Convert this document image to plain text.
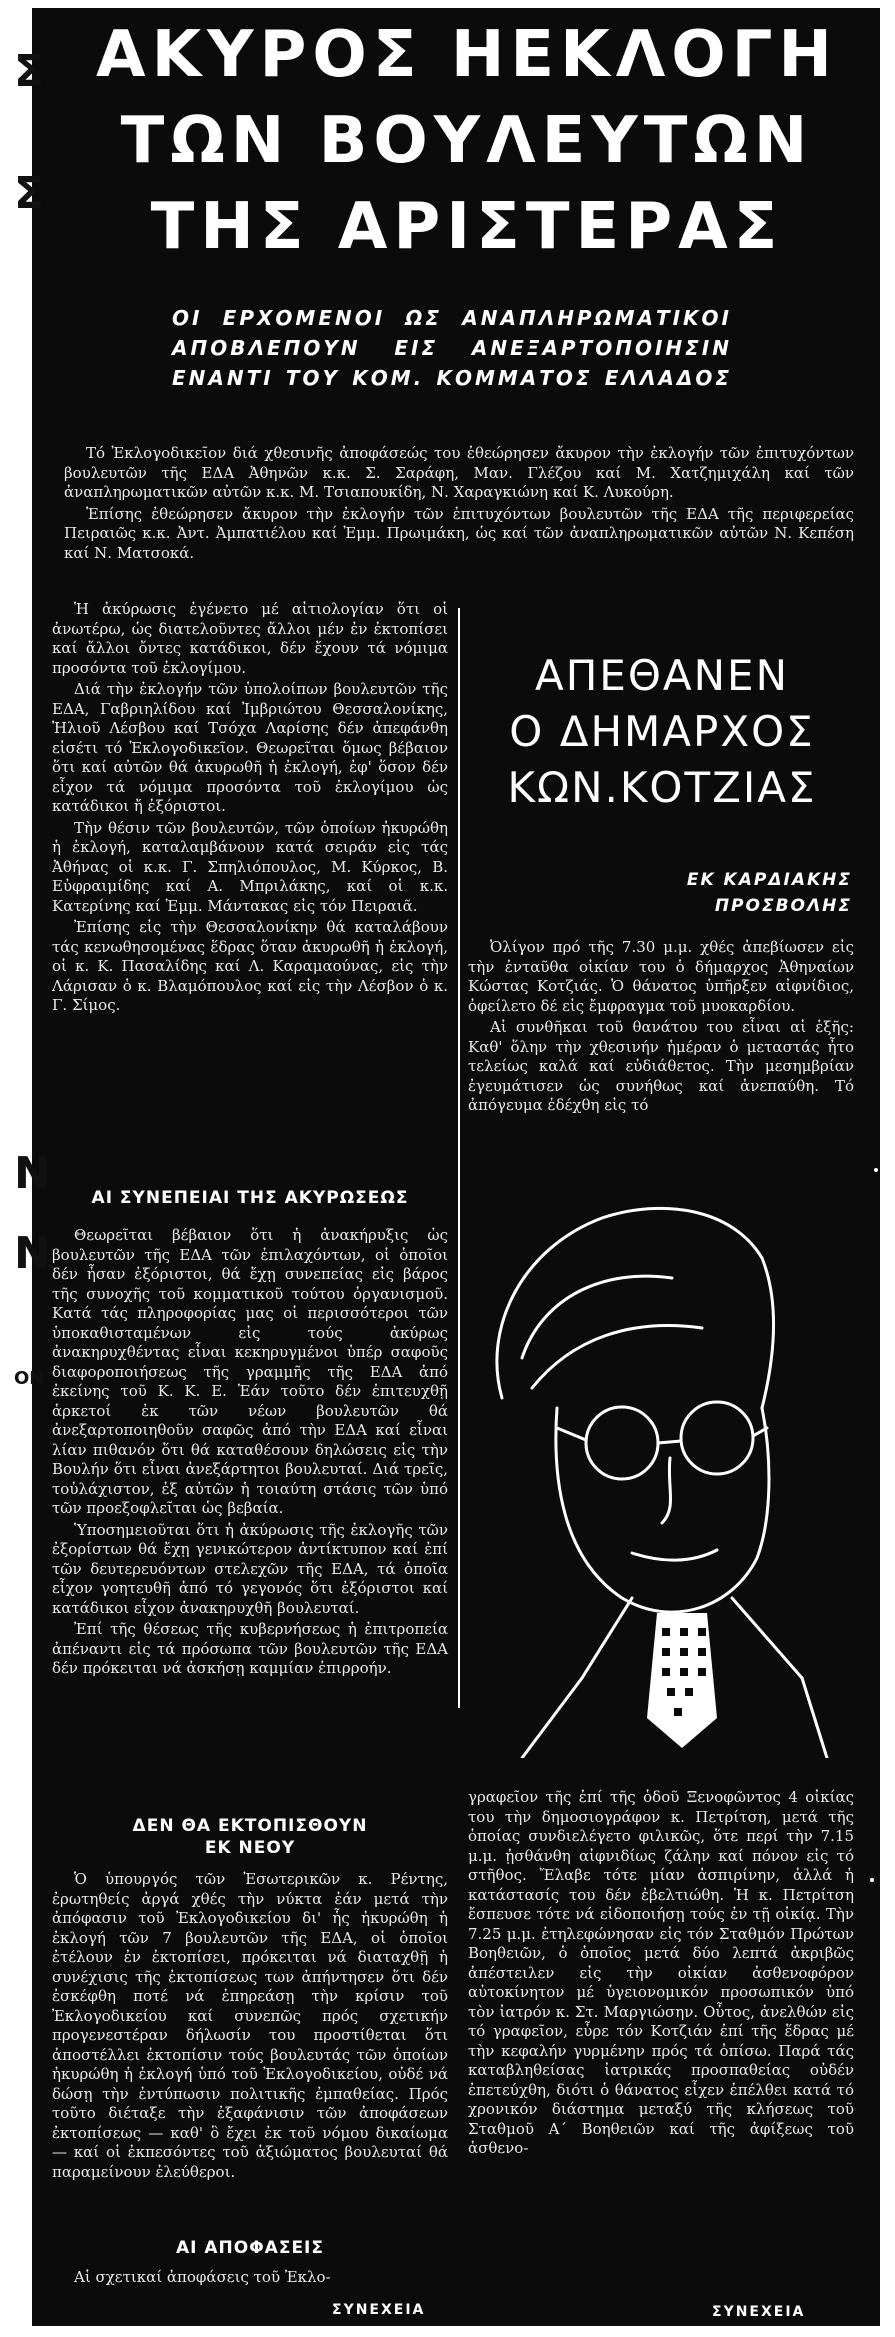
Σ
Σ
Ν
Ν
ΟΝ
ΑΚΥΡΟΣ ΗΕΚΛΟΓΗ
ΤΩΝ ΒΟΥΛΕΥΤΩΝ
ΤΗΣ ΑΡΙΣΤΕΡΑΣ
ΟΙ ΕΡΧΟΜΕΝΟΙ ΩΣ ΑΝΑΠΛΗΡΩΜΑΤΙΚΟΙ
ΑΠΟΒΛΕΠΟΥΝ ΕΙΣ ΑΝΕΞΑΡΤΟΠΟΙΗΣΙΝ
ΕΝΑΝΤΙ ΤΟΥ ΚΟΜ. ΚΟΜΜΑΤΟΣ ΕΛΛΑΔΟΣ

Τό Ἐκλογοδικεῖον διά χθεσινῆς ἀποφάσεώς του ἐθεώρησεν ἄκυρον τὴν ἐκλογήν τῶν ἐπιτυχόντων βουλευτῶν τῆς ΕΔΑ Ἀθηνῶν κ.κ. Σ. Σαράφη, Μαν. Γλέζου καί Μ. Χατζημιχάλη καί τῶν ἀναπληρωματικῶν αὐτῶν κ.κ. Μ. Τσιαπουκίδη, Ν. Χαραγκιώνη καί Κ. Λυκούρη.

Ἐπίσης ἐθεώρησεν ἄκυρον τὴν ἐκλογήν τῶν ἐπιτυχόντων βουλευτῶν τῆς ΕΔΑ τῆς περιφερείας Πειραιῶς κ.κ. Ἀντ. Ἀμπατιέλου καί Ἐμμ. Πρωιμάκη, ὡς καί τῶν ἀναπληρωματικῶν αὐτῶν Ν. Κεπέση καί Ν. Ματσοκά.

Ἡ ἀκύρωσις ἐγένετο μέ αἰτιολογίαν ὅτι οἱ ἀνωτέρω, ὡς διατελοῦντες ἄλλοι μέν ἐν ἐκτοπίσει καί ἄλλοι ὄντες κατάδικοι, δέν ἔχουν τά νόμιμα προσόντα τοῦ ἐκλογίμου.

Διά τὴν ἐκλογήν τῶν ὑπολοίπων βουλευτῶν τῆς ΕΔΑ, Γαβριηλίδου καί Ἰμβριώτου Θεσσαλονίκης, Ἠλιοῦ Λέσβου καί Τσόχα Λαρίσης δέν ἀπεφάνθη εἰσέτι τό Ἐκλογοδικεῖον. Θεωρεῖται ὅμως βέβαιον ὅτι καί αὐτῶν θά ἀκυρωθῆ ἡ ἐκλογή, ἐφ' ὅσον δέν εἶχον τά νόμιμα προσόντα τοῦ ἐκλογίμου ὡς κατάδικοι ἤ ἐξόριστοι.

Τὴν θέσιν τῶν βουλευτῶν, τῶν ὁποίων ἠκυρώθη ἡ ἐκλογή, καταλαμβάνουν κατά σειράν εἰς τάς Ἀθήνας οἱ κ.κ. Γ. Σπηλιόπουλος, Μ. Κύρκος, Β. Εὐφραιμίδης καί Α. Μπριλάκης, καί οἱ κ.κ. Κατερίνης καί Ἐμμ. Μάντακας εἰς τόν Πειραιᾶ.

Ἐπίσης εἰς τὴν Θεσσαλονίκην θά καταλάβουν τάς κενωθησομένας ἕδρας ὅταν ἀκυρωθῆ ἡ ἐκλογή, οἱ κ. Κ. Πασαλίδης καί Λ. Καραμαούνας, εἰς τὴν Λάρισαν ὁ κ. Βλαμόπουλος καί εἰς τὴν Λέσβον ὁ κ. Γ. Σίμος.

ΑΙ ΣΥΝΕΠΕΙΑΙ ΤΗΣ ΑΚΥΡΩΣΕΩΣ

Θεωρεῖται βέβαιον ὅτι ἡ ἀνακήρυξις ὡς βουλευτῶν τῆς ΕΔΑ τῶν ἐπιλαχόντων, οἱ ὁποῖοι δέν ἦσαν ἐξόριστοι, θά ἔχῃ συνεπείας εἰς βάρος τῆς συνοχῆς τοῦ κομματικοῦ τούτου ὀργανισμοῦ. Κατά τάς πληροφορίας μας οἱ περισσότεροι τῶν ὑποκαθισταμένων εἰς τούς ἀκύρως ἀνακηρυχθέντας εἶναι κεκηρυγμένοι ὑπέρ σαφοῦς διαφοροποιήσεως τῆς γραμμῆς τῆς ΕΔΑ ἀπό ἐκείνης τοῦ Κ. Κ. Ε. Ἐάν τοῦτο δέν ἐπιτευχθῇ ἀρκετοί ἐκ τῶν νέων βουλευτῶν θά ἀνεξαρτοποιηθοῦν σαφῶς ἀπό τὴν ΕΔΑ καί εἶναι λίαν πιθανόν ὅτι θά καταθέσουν δηλώσεις εἰς τὴν Βουλήν ὅτι εἶναι ἀνεξάρτητοι βουλευταί. Διά τρεῖς, τοὐλάχιστον, ἐξ αὐτῶν ἡ τοιαύτη στάσις τῶν ὑπό τῶν προεξοφλεῖται ὡς βεβαία.

Ὑποσημειοῦται ὅτι ἡ ἀκύρωσις τῆς ἐκλογῆς τῶν ἐξορίστων θά ἔχῃ γενικώτερον ἀντίκτυπον καί ἐπί τῶν δευτερευόντων στελεχῶν τῆς ΕΔΑ, τά ὁποῖα εἶχον γοητευθῆ ἀπό τό γεγονός ὅτι ἐξόριστοι καί κατάδικοι εἶχον ἀνακηρυχθῆ βουλευταί.

Ἐπί τῆς θέσεως τῆς κυβερνήσεως ἡ ἐπιτροπεία ἀπέναντι εἰς τά πρόσωπα τῶν βουλευτῶν τῆς ΕΔΑ δέν πρόκειται νά ἀσκήσῃ καμμίαν ἐπιρροήν.

ΔΕΝ ΘΑ ΕΚΤΟΠΙΣΘΟΥΝ
ΕΚ ΝΕΟΥ

Ὁ ὑπουργός τῶν Ἐσωτερικῶν κ. Ρέντης, ἐρωτηθείς ἀργά χθές τὴν νύκτα ἐάν μετά τὴν ἀπόφασιν τοῦ Ἐκλογοδικείου δι' ἧς ἠκυρώθη ἡ ἐκλογή τῶν 7 βουλευτῶν τῆς ΕΔΑ, οἱ ὁποῖοι ἐτέλουν ἐν ἐκτοπίσει, πρόκειται νά διαταχθῇ ἡ συνέχισις τῆς ἐκτοπίσεως των ἀπήντησεν ὅτι δέν ἐσκέφθη ποτέ νά ἐπηρεάσῃ τὴν κρίσιν τοῦ Ἐκλογοδικείου καί συνεπῶς πρός σχετικήν προγενεστέραν δήλωσίν του προστίθεται ὅτι ἀποστέλλει ἐκτοπίσιν τούς βουλευτάς τῶν ὁποίων ἠκυρώθη ἡ ἐκλογή ὑπό τοῦ Ἐκλογοδικείου, οὐδέ νά δώσῃ τὴν ἐντύπωσιν πολιτικῆς ἐμπαθείας. Πρός τοῦτο διέταξε τὴν ἐξαφάνισιν τῶν ἀποφάσεων ἐκτοπίσεως — καθ' ὃ ἔχει ἐκ τοῦ νόμου δικαίωμα — καί οἱ ἐκπεσόντες τοῦ ἀξιώματος βουλευταί θά παραμείνουν ἐλεύθεροι.

ΑΙ ΑΠΟΦΑΣΕΙΣ

Αἱ σχετικαί ἀποφάσεις τοῦ Ἐκλο-

ΣΥΝΕΧΕΙΑ
ΑΠΕΘΑΝΕΝ
Ο ΔΗΜΑΡΧΟΣ
ΚΩΝ.ΚΟΤΖΙΑΣ
ΕΚ ΚΑΡΔΙΑΚΗΣ
ΠΡΟΣΒΟΛΗΣ

Ὀλίγον πρό τῆς 7.30 μ.μ. χθές ἀπεβίωσεν εἰς τὴν ἐνταῦθα οἰκίαν του ὁ δήμαρχος Ἀθηναίων Κώστας Κοτζιάς. Ὁ θάνατος ὑπῆρξεν αἰφνίδιος, ὀφείλετο δέ εἰς ἔμφραγμα τοῦ μυοκαρδίου.

Αἱ συνθῆκαι τοῦ θανάτου του εἶναι αἱ ἑξῆς: Καθ' ὅλην τὴν χθεσινήν ἡμέραν ὁ μεταστάς ἦτο τελείως καλά καί εὐδιάθετος. Τὴν μεσημβρίαν ἐγευμάτισεν ὡς συνήθως καί ἀνεπαύθη. Τό ἀπόγευμα ἐδέχθη εἰς τό

γραφεῖον τῆς ἐπί τῆς ὁδοῦ Ξενοφῶντος 4 οἰκίας του τὴν δημοσιογράφον κ. Πετρίτση, μετά τῆς ὁποίας συνδιελέγετο φιλικῶς, ὅτε περί τὴν 7.15 μ.μ. ᾐσθάνθη αἰφνιδίως ζάλην καί πόνον εἰς τό στῆθος. Ἔλαβε τότε μίαν ἀσπιρίνην, ἀλλά ἡ κατάστασίς του δέν ἐβελτιώθη. Ἡ κ. Πετρίτση ἔσπευσε τότε νά εἰδοποιήσῃ τούς ἐν τῇ οἰκίᾳ. Τὴν 7.25 μ.μ. ἐτηλεφώνησαν εἰς τόν Σταθμόν Πρώτων Βοηθειῶν, ὁ ὁποῖος μετά δύο λεπτά ἀκριβῶς ἀπέστειλεν εἰς τὴν οἰκίαν ἀσθενοφόρον αὐτοκίνητον μέ ὑγειονομικόν προσωπικόν ὑπό τὸν ἰατρόν κ. Στ. Μαργιώσην. Οὗτος, ἀνελθών εἰς τό γραφεῖον, εὗρε τόν Κοτζιάν ἐπί τῆς ἕδρας μέ τὴν κεφαλήν γυρμένην πρός τά ὀπίσω. Παρά τάς καταβληθείσας ἰατρικάς προσπαθείας οὐδέν ἐπετεύχθη, διότι ὁ θάνατος εἶχεν ἐπέλθει κατά τό χρονικόν διάστημα μεταξύ τῆς κλήσεως τοῦ Σταθμοῦ Α΄ Βοηθειῶν καί τῆς ἀφίξεως τοῦ ἀσθενο-

ΣΥΝΕΧΕΙΑ
